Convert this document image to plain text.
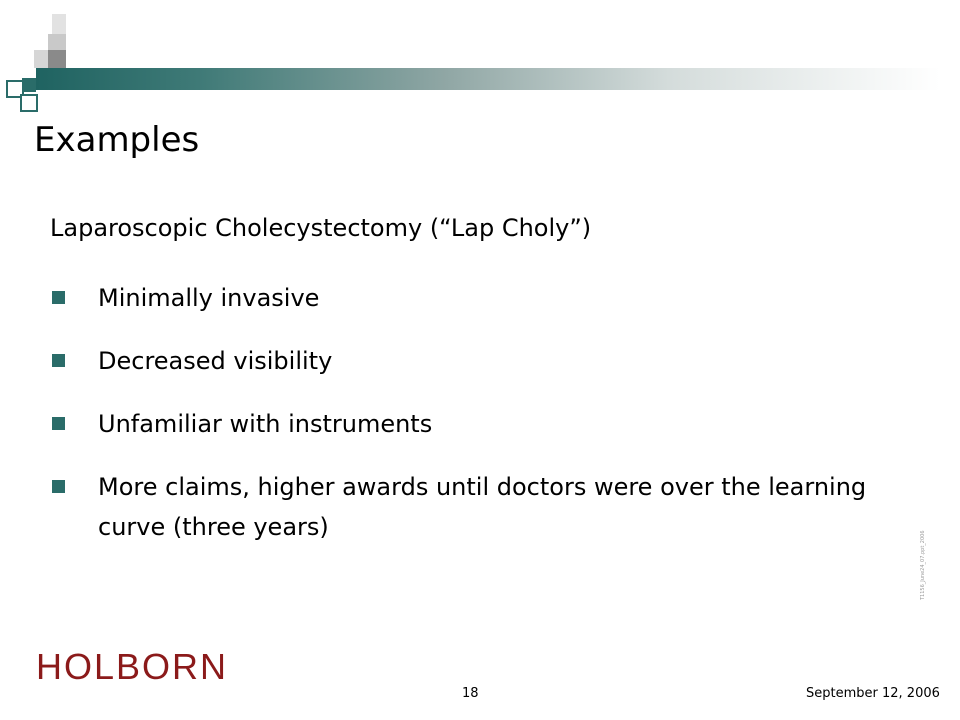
Examples
Laparoscopic Cholecystectomy (“Lap Choly”)
Minimally invasive
Decreased visibility
Unfamiliar with instruments
More claims, higher awards until doctors were over the learning curve (three years)
HOLBORN
18	September 12, 2006
T1156_June24_07.ppt_2006
